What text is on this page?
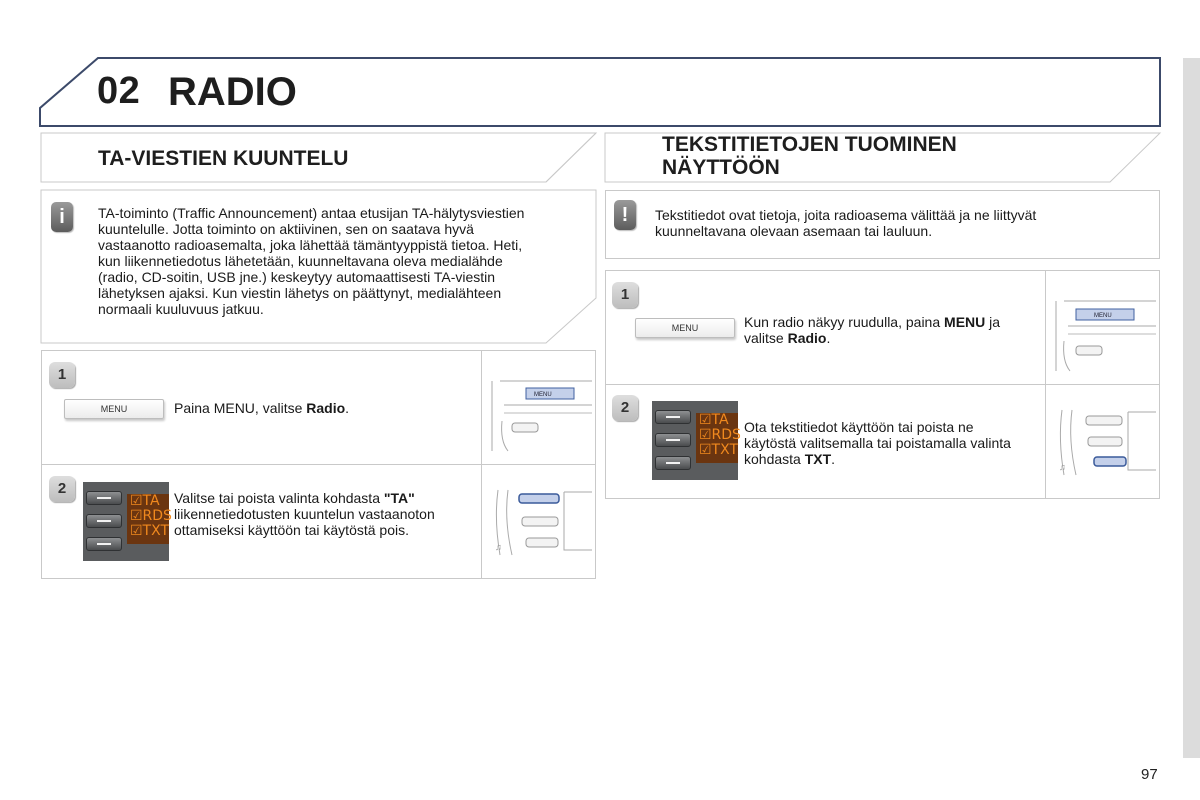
02 RADIO
TA-VIESTIEN KUUNTELU
i	TA-toiminto (Traffic Announcement) antaa etusijan TA-hälytysviestien kuuntelulle. Jotta toiminto on aktiivinen, sen on saatava hyvä vastaanotto radioasemalta, joka lähettää tämäntyyppistä tietoa. Heti, kun liikennetiedotus lähetetään, kuunneltavana oleva medialähde (radio, CD-soitin, USB jne.) keskeytyy automaattisesti TA-viestin lähetyksen ajaksi. Kun viestin lähetys on päättynyt, medialähteen normaali kuuluvuus jatkuu.
1
MENU	Paina MENU, valitse Radio.
MENU
2
☑TA
☑RDS
☑TXT
Valitse tai poista valinta kohdasta "TA" liikennetiedotusten kuuntelun vastaanoton ottamiseksi käyttöön tai käytöstä pois.
♫
TEKSTITIETOJEN TUOMINEN
NÄYTTÖÖN
!	Tekstitiedot ovat tietoja, joita radioasema välittää ja ne liittyvät kuunneltavana olevaan asemaan tai lauluun.
1
MENU	Kun radio näkyy ruudulla, paina MENU ja valitse Radio.
MENU
2
☑TA
☑RDS
☑TXT
Ota tekstitiedot käyttöön tai poista ne käytöstä valitsemalla tai poistamalla valinta kohdasta TXT.	♫
97
